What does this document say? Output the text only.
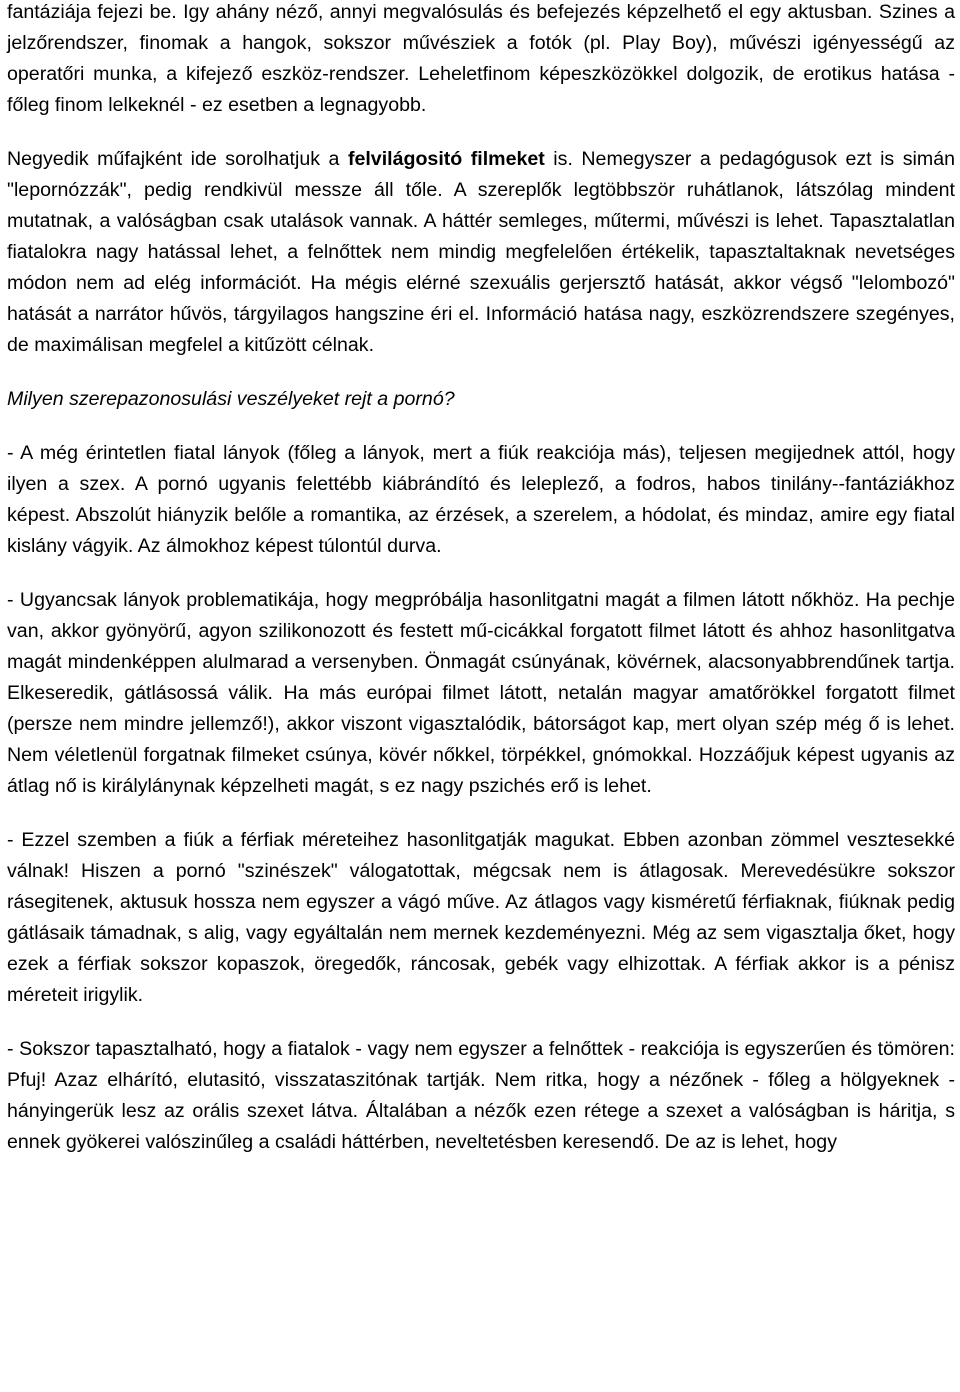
fantáziája fejezi be. Igy ahány néző, annyi megvalósulás és befejezés képzelhető el egy aktusban. Szines a jelzőrendszer, finomak a hangok, sokszor művésziek a fotók (pl. Play Boy), művészi igényességű az operatőri munka, a kifejező eszköz-rendszer. Leheletfinom képeszközökkel dolgozik, de erotikus hatása - főleg finom lelkeknél - ez esetben a legnagyobb.

Negyedik műfajként ide sorolhatjuk a felvilágositó filmeket is. Nemegyszer a pedagógusok ezt is simán "lepornózzák", pedig rendkivül messze áll tőle. A szereplők legtöbbször ruhátlanok, látszólag mindent mutatnak, a valóságban csak utalások vannak. A háttér semleges, műtermi, művészi is lehet. Tapasztalatlan fiatalokra nagy hatással lehet, a felnőttek nem mindig megfelelően értékelik, tapasztaltaknak nevetséges módon nem ad elég információt. Ha mégis elérné szexuális gerjersztő hatását, akkor végső "lelombozó" hatását a narrátor hűvös, tárgyilagos hangszine éri el. Információ hatása nagy, eszközrendszere szegényes, de maximálisan megfelel a kitűzött célnak.

Milyen szerepazonosulási veszélyeket rejt a pornó?

- A még érintetlen fiatal lányok (főleg a lányok, mert a fiúk reakciója más), teljesen megijednek attól, hogy ilyen a szex. A pornó ugyanis felettébb kiábrándító és leleplező, a fodros, habos tinilány--fantáziákhoz képest. Abszolút hiányzik belőle a romantika, az érzések, a szerelem, a hódolat, és mindaz, amire egy fiatal kislány vágyik. Az álmokhoz képest túlontúl durva.

- Ugyancsak lányok problematikája, hogy megpróbálja hasonlitgatni magát a filmen látott nőkhöz. Ha pechje van, akkor gyönyörű, agyon szilikonozott és festett mű-cicákkal forgatott filmet látott és ahhoz hasonlitgatva magát mindenképpen alulmarad a versenyben. Önmagát csúnyának, kövérnek, alacsonyabbrendűnek tartja. Elkeseredik, gátlásossá válik. Ha más európai filmet látott, netalán magyar amatőrökkel forgatott filmet (persze nem mindre jellemző!), akkor viszont vigasztalódik, bátorságot kap, mert olyan szép még ő is lehet. Nem véletlenül forgatnak filmeket csúnya, kövér nőkkel, törpékkel, gnómokkal. Hozzáőjuk képest ugyanis az átlag nő is királylánynak képzelheti magát, s ez nagy pszichés erő is lehet.

- Ezzel szemben a fiúk a férfiak méreteihez hasonlitgatják magukat. Ebben azonban zömmel vesztesekké válnak! Hiszen a pornó "szinészek" válogatottak, mégcsak nem is átlagosak. Merevedésükre sokszor rásegitenek, aktusuk hossza nem egyszer a vágó műve. Az átlagos vagy kisméretű férfiaknak, fiúknak pedig gátlásaik támadnak, s alig, vagy egyáltalán nem mernek kezdeményezni. Még az sem vigasztalja őket, hogy ezek a férfiak sokszor kopaszok, öregedők, ráncosak, gebék vagy elhizottak. A férfiak akkor is a pénisz méreteit irigylik.

- Sokszor tapasztalható, hogy a fiatalok - vagy nem egyszer a felnőttek - reakciója is egyszerűen és tömören: Pfuj! Azaz elhárító, elutasitó, visszataszitónak tartják. Nem ritka, hogy a nézőnek - főleg a hölgyeknek - hányingerük lesz az orális szexet látva. Általában a nézők ezen rétege a szexet a valóságban is háritja, s ennek gyökerei valószinűleg a családi háttérben, neveltetésben keresendő. De az is lehet, hogy
